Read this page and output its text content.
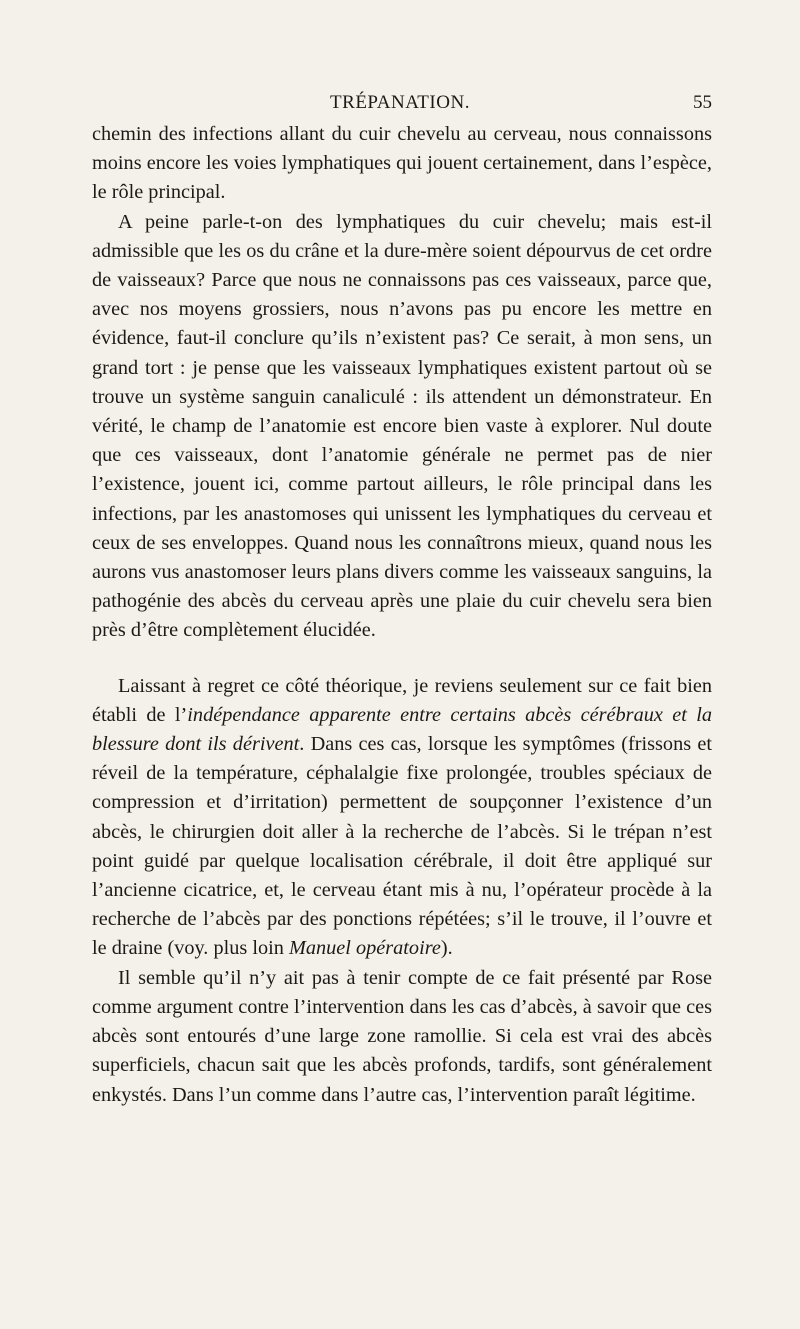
TRÉPANATION.	55

chemin des infections allant du cuir chevelu au cerveau, nous connaissons moins encore les voies lymphatiques qui jouent certainement, dans l’espèce, le rôle principal.

A peine parle-t-on des lymphatiques du cuir chevelu; mais est-il admissible que les os du crâne et la dure-mère soient dépourvus de cet ordre de vaisseaux? Parce que nous ne connaissons pas ces vaisseaux, parce que, avec nos moyens grossiers, nous n’avons pas pu encore les mettre en évidence, faut-il conclure qu’ils n’existent pas? Ce serait, à mon sens, un grand tort : je pense que les vaisseaux lymphatiques existent partout où se trouve un système sanguin canaliculé : ils attendent un démonstrateur. En vérité, le champ de l’anatomie est encore bien vaste à explorer. Nul doute que ces vaisseaux, dont l’anatomie générale ne permet pas de nier l’existence, jouent ici, comme partout ailleurs, le rôle principal dans les infections, par les anastomoses qui unissent les lymphatiques du cerveau et ceux de ses enveloppes. Quand nous les connaîtrons mieux, quand nous les aurons vus anastomoser leurs plans divers comme les vaisseaux sanguins, la pathogénie des abcès du cerveau après une plaie du cuir chevelu sera bien près d’être complètement élucidée.

Laissant à regret ce côté théorique, je reviens seulement sur ce fait bien établi de l’indépendance apparente entre certains abcès cérébraux et la blessure dont ils dérivent. Dans ces cas, lorsque les symptômes (frissons et réveil de la température, céphalalgie fixe prolongée, troubles spéciaux de compression et d’irritation) permettent de soupçonner l’existence d’un abcès, le chirurgien doit aller à la recherche de l’abcès. Si le trépan n’est point guidé par quelque localisation cérébrale, il doit être appliqué sur l’ancienne cicatrice, et, le cerveau étant mis à nu, l’opérateur procède à la recherche de l’abcès par des ponctions répétées; s’il le trouve, il l’ouvre et le draine (voy. plus loin Manuel opératoire).

Il semble qu’il n’y ait pas à tenir compte de ce fait présenté par Rose comme argument contre l’intervention dans les cas d’abcès, à savoir que ces abcès sont entourés d’une large zone ramollie. Si cela est vrai des abcès superficiels, chacun sait que les abcès profonds, tardifs, sont généralement enkystés. Dans l’un comme dans l’autre cas, l’intervention paraît légitime.
